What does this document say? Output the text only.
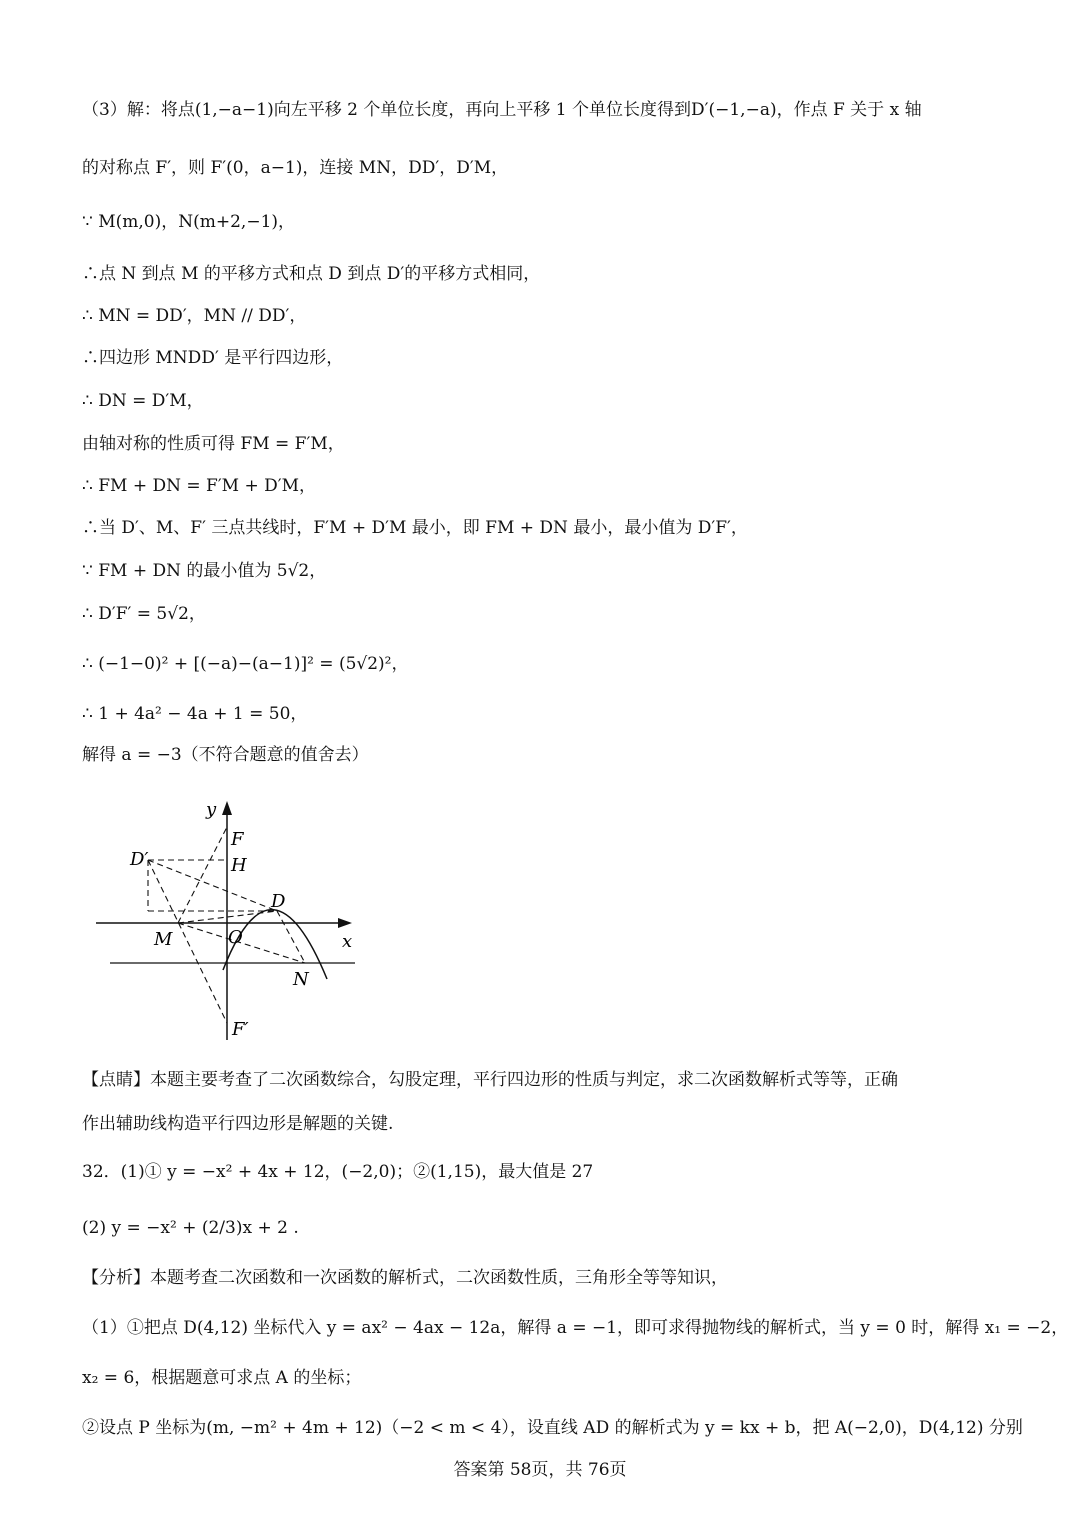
（3）解：将点(1,−a−1)向左平移 2 个单位长度，再向上平移 1 个单位长度得到D′(−1,−a)，作点 F 关于 x 轴
的对称点 F′，则 F′(0，a−1)，连接 MN，DD′，D′M，
∵ M(m,0)，N(m+2,−1)，
∴点 N 到点 M 的平移方式和点 D 到点 D′的平移方式相同，
∴ MN = DD′，MN // DD′，
∴四边形 MNDD′ 是平行四边形，
∴ DN = D′M，
由轴对称的性质可得 FM = F′M，
∴ FM + DN = F′M + D′M，
∴当 D′、M、F′ 三点共线时，F′M + D′M 最小，即 FM + DN 最小，最小值为 D′F′，
∵ FM + DN 的最小值为 5√2，
∴ D′F′ = 5√2，
∴ (−1−0)² + [(−a)−(a−1)]² = (5√2)²，
∴ 1 + 4a² − 4a + 1 = 50，
解得 a = −3（不符合题意的值舍去）
【点睛】本题主要考查了二次函数综合，勾股定理，平行四边形的性质与判定，求二次函数解析式等等，正确
作出辅助线构造平行四边形是解题的关键.
32．(1)① y = −x² + 4x + 12，(−2,0)；②(1,15)，最大值是 27
(2) y = −x² + (2/3)x + 2 .
【分析】本题考查二次函数和一次函数的解析式，二次函数性质，三角形全等等知识，
（1）①把点 D(4,12) 坐标代入 y = ax² − 4ax − 12a，解得 a = −1，即可求得抛物线的解析式，当 y = 0 时，解得 x₁ = −2，
x₂ = 6，根据题意可求点 A 的坐标；
②设点 P 坐标为(m, −m² + 4m + 12)（−2 < m < 4），设直线 AD 的解析式为 y = kx + b，把 A(−2,0)，D(4,12) 分别
y
F
D′	H
D
M	O	x
N
F′
答案第 58页，共 76页
